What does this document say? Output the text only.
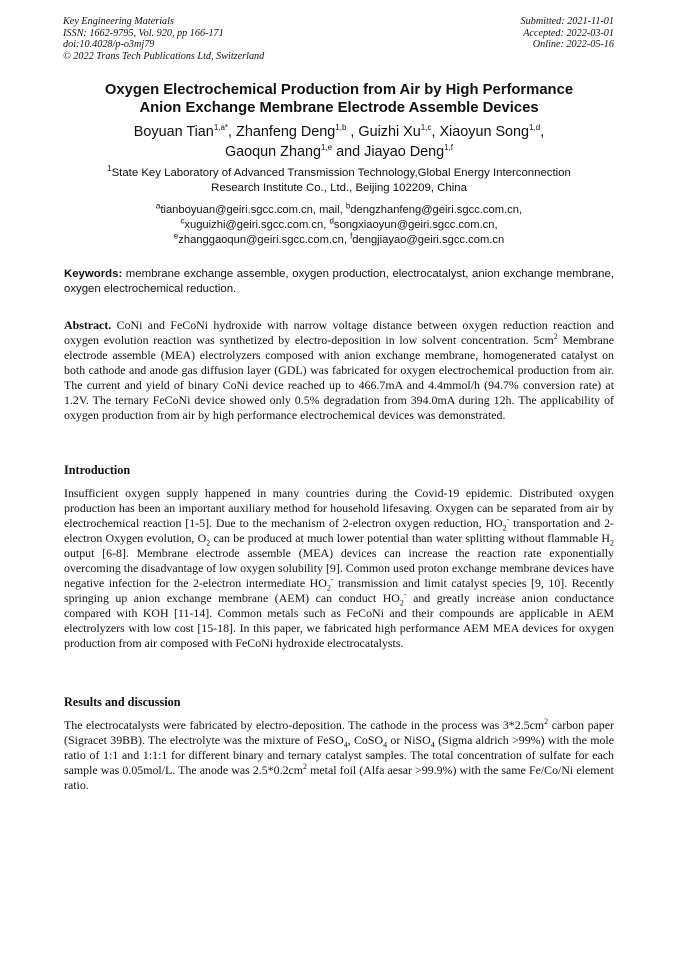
Key Engineering Materials
ISSN: 1662-9795, Vol. 920, pp 166-171
doi:10.4028/p-o3mj79
© 2022 Trans Tech Publications Ltd, Switzerland
Submitted: 2021-11-01
Accepted: 2022-03-01
Online: 2022-05-16
Oxygen Electrochemical Production from Air by High Performance
Anion Exchange Membrane Electrode Assemble Devices
Boyuan Tian$^{1,a*}$, Zhanfeng Deng$^{1,b}$ , Guizhi Xu$^{1,c}$, Xiaoyun Song$^{1,d}$,
Gaoqun Zhang$^{1,e}$ and Jiayao Deng$^{1,f}$
$^1$State Key Laboratory of Advanced Transmission Technology,Global Energy Interconnection
Research Institute Co., Ltd., Beijing 102209, China
$^a$tianboyuan@geiri.sgcc.com.cn, mail, $^b$dengzhanfeng@geiri.sgcc.com.cn,
$^c$xuguizhi@geiri.sgcc.com.cn, $^d$songxiaoyun@geiri.sgcc.com.cn,
$^e$zhanggaoqun@geiri.sgcc.com.cn, $^f$dengjiayao@geiri.sgcc.com.cn
Keywords: membrane exchange assemble, oxygen production, electrocatalyst, anion exchange membrane, oxygen electrochemical reduction.
Abstract. CoNi and FeCoNi hydroxide with narrow voltage distance between oxygen reduction reaction and oxygen evolution reaction was synthetized by electro-deposition in low solvent concentration. $5cm^2$ Membrane electrode assemble (MEA) electrolyzers composed with anion exchange membrane, homogenerated catalyst on both cathode and anode gas diffusion layer (GDL) was fabricated for oxygen electrochemical production from air. The current and yield of binary CoNi device reached up to 466.7mA and 4.4mmol/h (94.7% conversion rate) at 1.2V. The ternary FeCoNi device showed only 0.5% degradation from 394.0mA during 12h. The applicability of oxygen production from air by high performance electrochemical devices was demonstrated.
Introduction
Insufficient oxygen supply happened in many countries during the Covid-19 epidemic. Distributed oxygen production has been an important auxiliary method for household lifesaving. Oxygen can be separated from air by electrochemical reaction [1-5]. Due to the mechanism of 2-electron oxygen reduction, $HO_2^-$ transportation and 2-electron Oxygen evolution, $O_2$ can be produced at much lower potential than water splitting without flammable $H_2$ output [6-8]. Membrane electrode assemble (MEA) devices can increase the reaction rate exponentially overcoming the disadvantage of low oxygen solubility [9]. Common used proton exchange membrane devices have negative infection for the 2-electron intermediate $HO_2^-$ transmission and limit catalyst species [9, 10]. Recently springing up anion exchange membrane (AEM) can conduct $HO_2^-$ and greatly increase anion conductance compared with KOH [11-14]. Common metals such as FeCoNi and their compounds are applicable in AEM electrolyzers with low cost [15-18]. In this paper, we fabricated high performance AEM MEA devices for oxygen production from air composed with FeCoNi hydroxide electrocatalysts.
Results and discussion
The electrocatalysts were fabricated by electro-deposition. The cathode in the process was $3*2.5cm^2$ carbon paper (Sigracet 39BB). The electrolyte was the mixture of FeSO$_4$, CoSO$_4$ or NiSO$_4$ (Sigma aldrich >99%) with the mole ratio of 1:1 and 1:1:1 for different binary and ternary catalyst samples. The total concentration of sulfate for each sample was 0.05mol/L. The anode was $2.5*0.2cm^2$ metal foil (Alfa aesar >99.9%) with the same Fe/Co/Ni element ratio.
